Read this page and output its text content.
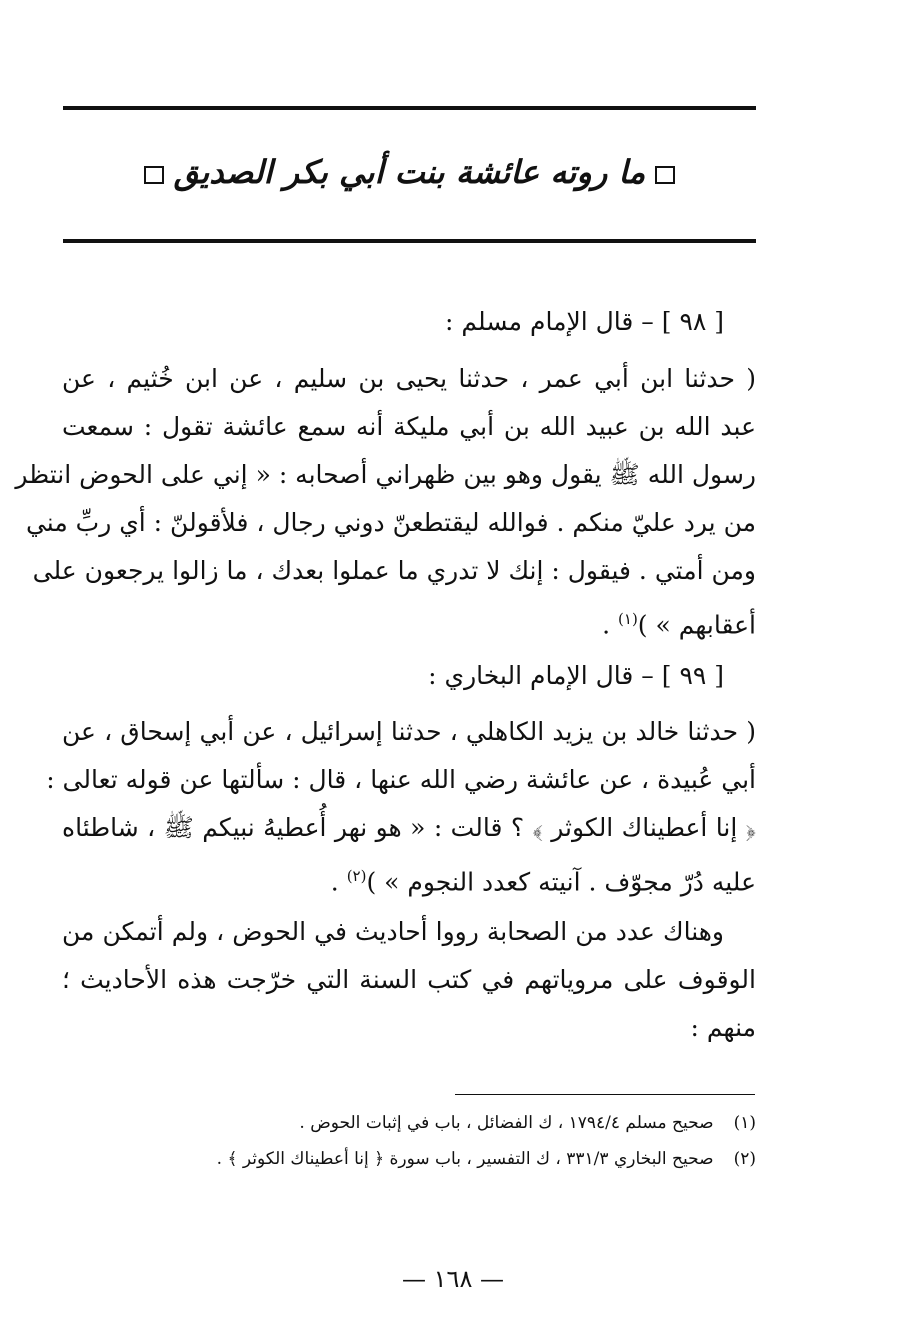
ما روته عائشة بنت أبي بكر الصديق
[ ٩٨ ] – قال الإمام مسلم :
( حدثنا ابن أبي عمر ، حدثنا يحيى بن سليم ، عن ابن خُثيم ، عن
عبد الله بن عبيد الله بن أبي مليكة أنه سمع عائشة تقول : سمعت
رسول الله ﷺ يقول وهو بين ظهراني أصحابه : « إني على الحوض انتظر
من يرد عليّ منكم . فوالله ليقتطعنّ دوني رجال ، فلأقولنّ : أي ربِّ مني
ومن أمتي . فيقول : إنك لا تدري ما عملوا بعدك ، ما زالوا يرجعون على
أعقابهم » )$^{(١)}$ .
[ ٩٩ ] – قال الإمام البخاري :
( حدثنا خالد بن يزيد الكاهلي ، حدثنا إسرائيل ، عن أبي إسحاق ، عن
أبي عُبيدة ، عن عائشة رضي الله عنها ، قال : سألتها عن قوله تعالى :
﴿ إنا أعطيناك الكوثر ﴾ ؟ قالت : « هو نهر أُعطيهُ نبيكم ﷺ ، شاطئاه
عليه دُرّ مجوّف . آنيته كعدد النجوم » )$^{(٢)}$ .
وهناك عدد من الصحابة رووا أحاديث في الحوض ، ولم أتمكن من
الوقوف على مروياتهم في كتب السنة التي خرّجت هذه الأحاديث ؛
منهم :
(١)صحيح مسلم ١٧٩٤/٤ ، ك الفضائل ، باب في إثبات الحوض .
(٢)صحيح البخاري ٣٣١/٣ ، ك التفسير ، باب سورة ﴿ إنا أعطيناك الكوثر ﴾ .
— ١٦٨ —
